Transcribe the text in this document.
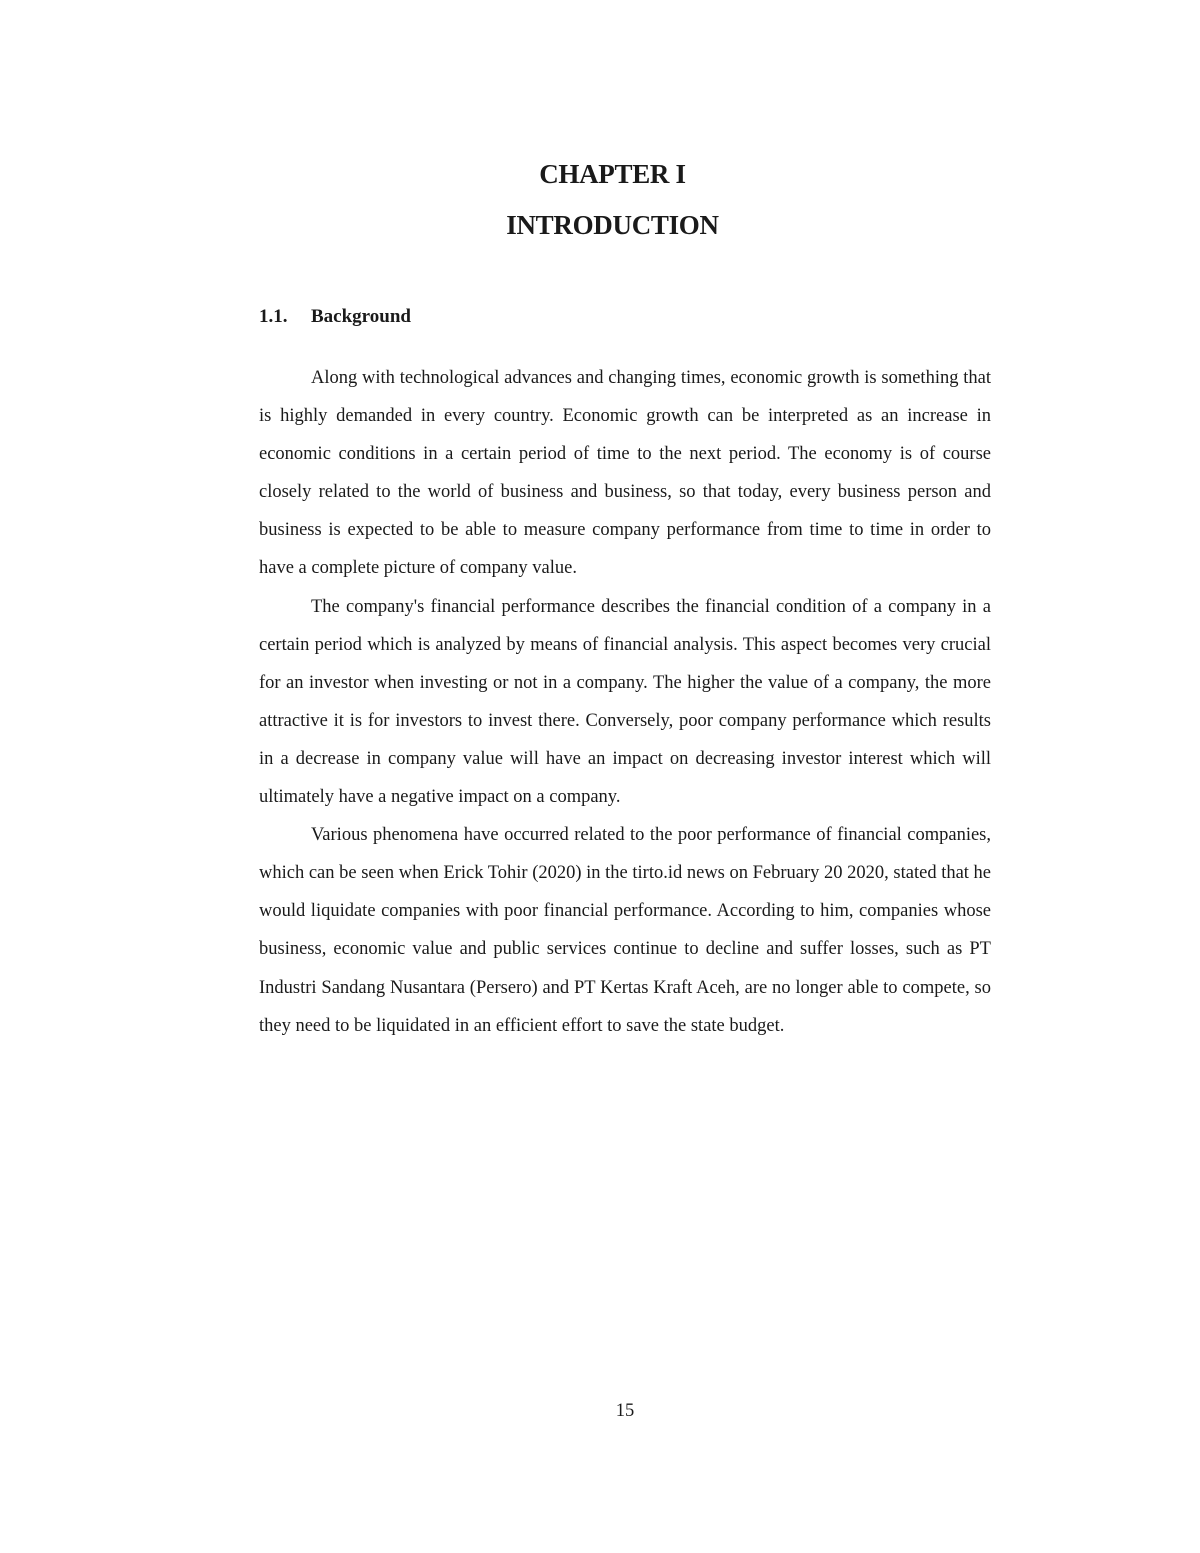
CHAPTER I
INTRODUCTION
1.1.	Background

Along with technological advances and changing times, economic growth is something that is highly demanded in every country. Economic growth can be interpreted as an increase in economic conditions in a certain period of time to the next period. The economy is of course closely related to the world of business and business, so that today, every business person and business is expected to be able to measure company performance from time to time in order to have a complete picture of company value.

The company's financial performance describes the financial condition of a company in a certain period which is analyzed by means of financial analysis. This aspect becomes very crucial for an investor when investing or not in a company. The higher the value of a company, the more attractive it is for investors to invest there. Conversely, poor company performance which results in a decrease in company value will have an impact on decreasing investor interest which will ultimately have a negative impact on a company.

Various phenomena have occurred related to the poor performance of financial companies, which can be seen when Erick Tohir (2020) in the tirto.id news on February 20 2020, stated that he would liquidate companies with poor financial performance. According to him, companies whose business, economic value and public services continue to decline and suffer losses, such as PT Industri Sandang Nusantara (Persero) and PT Kertas Kraft Aceh, are no longer able to compete, so they need to be liquidated in an efficient effort to save the state budget.

15
